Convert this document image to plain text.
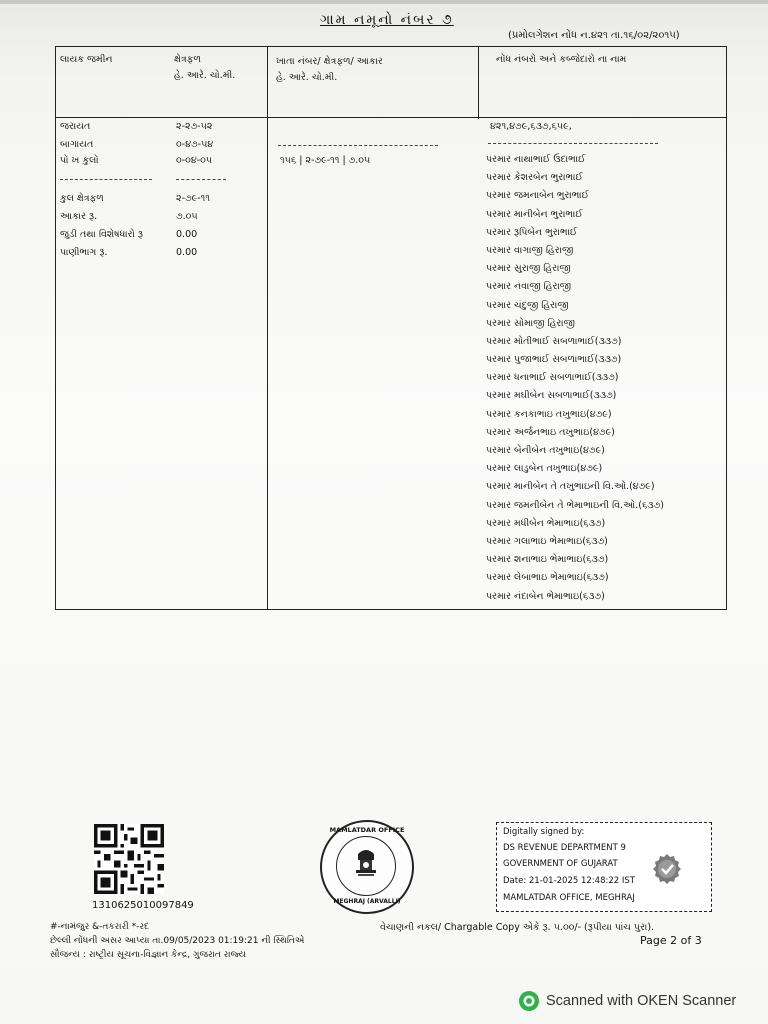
ગામ નમૂનો નંબર ૭
(પ્રમોલગેશન નોંધ ન.૪૨૧ તા.૧૬/૦૨/૨૦૧૫)
લાયક જમીન	ક્ષેત્રફળ
હે. આરે. ચો.મી.
ખાતા નંબર/ ક્ષેત્રફળ/ આકાર
હે. આરે. ચો.મી.
નોંધ નંબરો અને કબ્જેદારો ના નામ
જરાયત	૨-૨૭-૫૨
બાગાયત	૦-૪૭-૫૪
પો ખ કુલો	૦-૦૪-૦૫
કુલ ક્ષેત્રફળ	૨-૭૯-૧૧
આકાર રૂ.	૭.૦૫
જુડી તથા વિશેષધારો રૂ	0.00
પાણીભાગ રૂ.	0.00
૧૫૬ | ૨-૭૯-૧૧ | ૭.૦૫
૪૨૧,૪૭૯,૬૩૭,૬૫૯,
પરમાર નાથાભાઈ ઉદાભાઈ
પરમાર કેશરબેન ભુરાભાઈ
પરમાર જમનાબેન ભુરાભાઈ
પરમાર માનીબેન ભુરાભાઈ
પરમાર રૂપિબેન ભુરાભાઈ
પરમાર વાગાજી હિરાજી
પરમાર સુરાજી હિરાજી
પરમાર નવાજી હિરાજી
પરમાર ચંદુજી હિરાજી
પરમાર સોમાજી હિરાજી
પરમાર મોતીભાઈ સબળાભાઈ(૩૩૭)
પરમાર પુજાભાઈ સબળાભાઈ(૩૩૭)
પરમાર ધનાભાઈ સબળાભાઈ(૩૩૭)
પરમાર મઘીબેન સબળાભાઈ(૩૩૭)
પરમાર કનકાભાઇ તખુભાઇ(૪૭૯)
પરમાર અર્જનભાઇ તખુભાઇ(૪૭૯)
પરમાર બેનીબેન તખુભાઇ(૪૭૯)
પરમાર લાડુબેન તખુભાઇ(૪૭૯)
પરમાર માનીબેન તે તખુભાઇની વિ.ઓ.(૪૭૯)
પરમાર જમનીબેન તે ભેમાભાઇની વિ.ઓ.(૬૩૭)
પરમાર મધીબેન ભેમાભાઇ(૬૩૭)
પરમાર ગલાભાઇ ભેમાભાઇ(૬૩૭)
પરમાર શનાભાઇ ભેમાભાઇ(૬૩૭)
પરમાર લેબાભાઇ ભેમાભાઇ(૬૩૭)
પરમાર નંદાબેન ભેમાભાઇ(૬૩૭)
1310625010097849
MAMLATDAR OFFICE
MEGHRAJ (ARVALLI)
Digitally signed by:
DS REVENUE DEPARTMENT 9
GOVERNMENT OF GUJARAT
Date: 21-01-2025 12:48:22 IST
MAMLATDAR OFFICE, MEGHRAJ
#-નામંજુર &-તકરારી *-રદ
છેલ્લી નોંધની અસર આપ્યા તા.09/05/2023 01:19:21 ની સ્થિતિએ
સૌજન્ય : રાષ્ટ્રીય સૂચના-વિજ્ઞાન કેન્દ્ર, ગુજરાત રાજ્ય
વેચાણની નકલ/ Chargable Copy એકે રૂ. ૫.૦૦/- (રૂપીયા પાંચ પુરા).
Page 2 of 3
Scanned with OKEN Scanner
